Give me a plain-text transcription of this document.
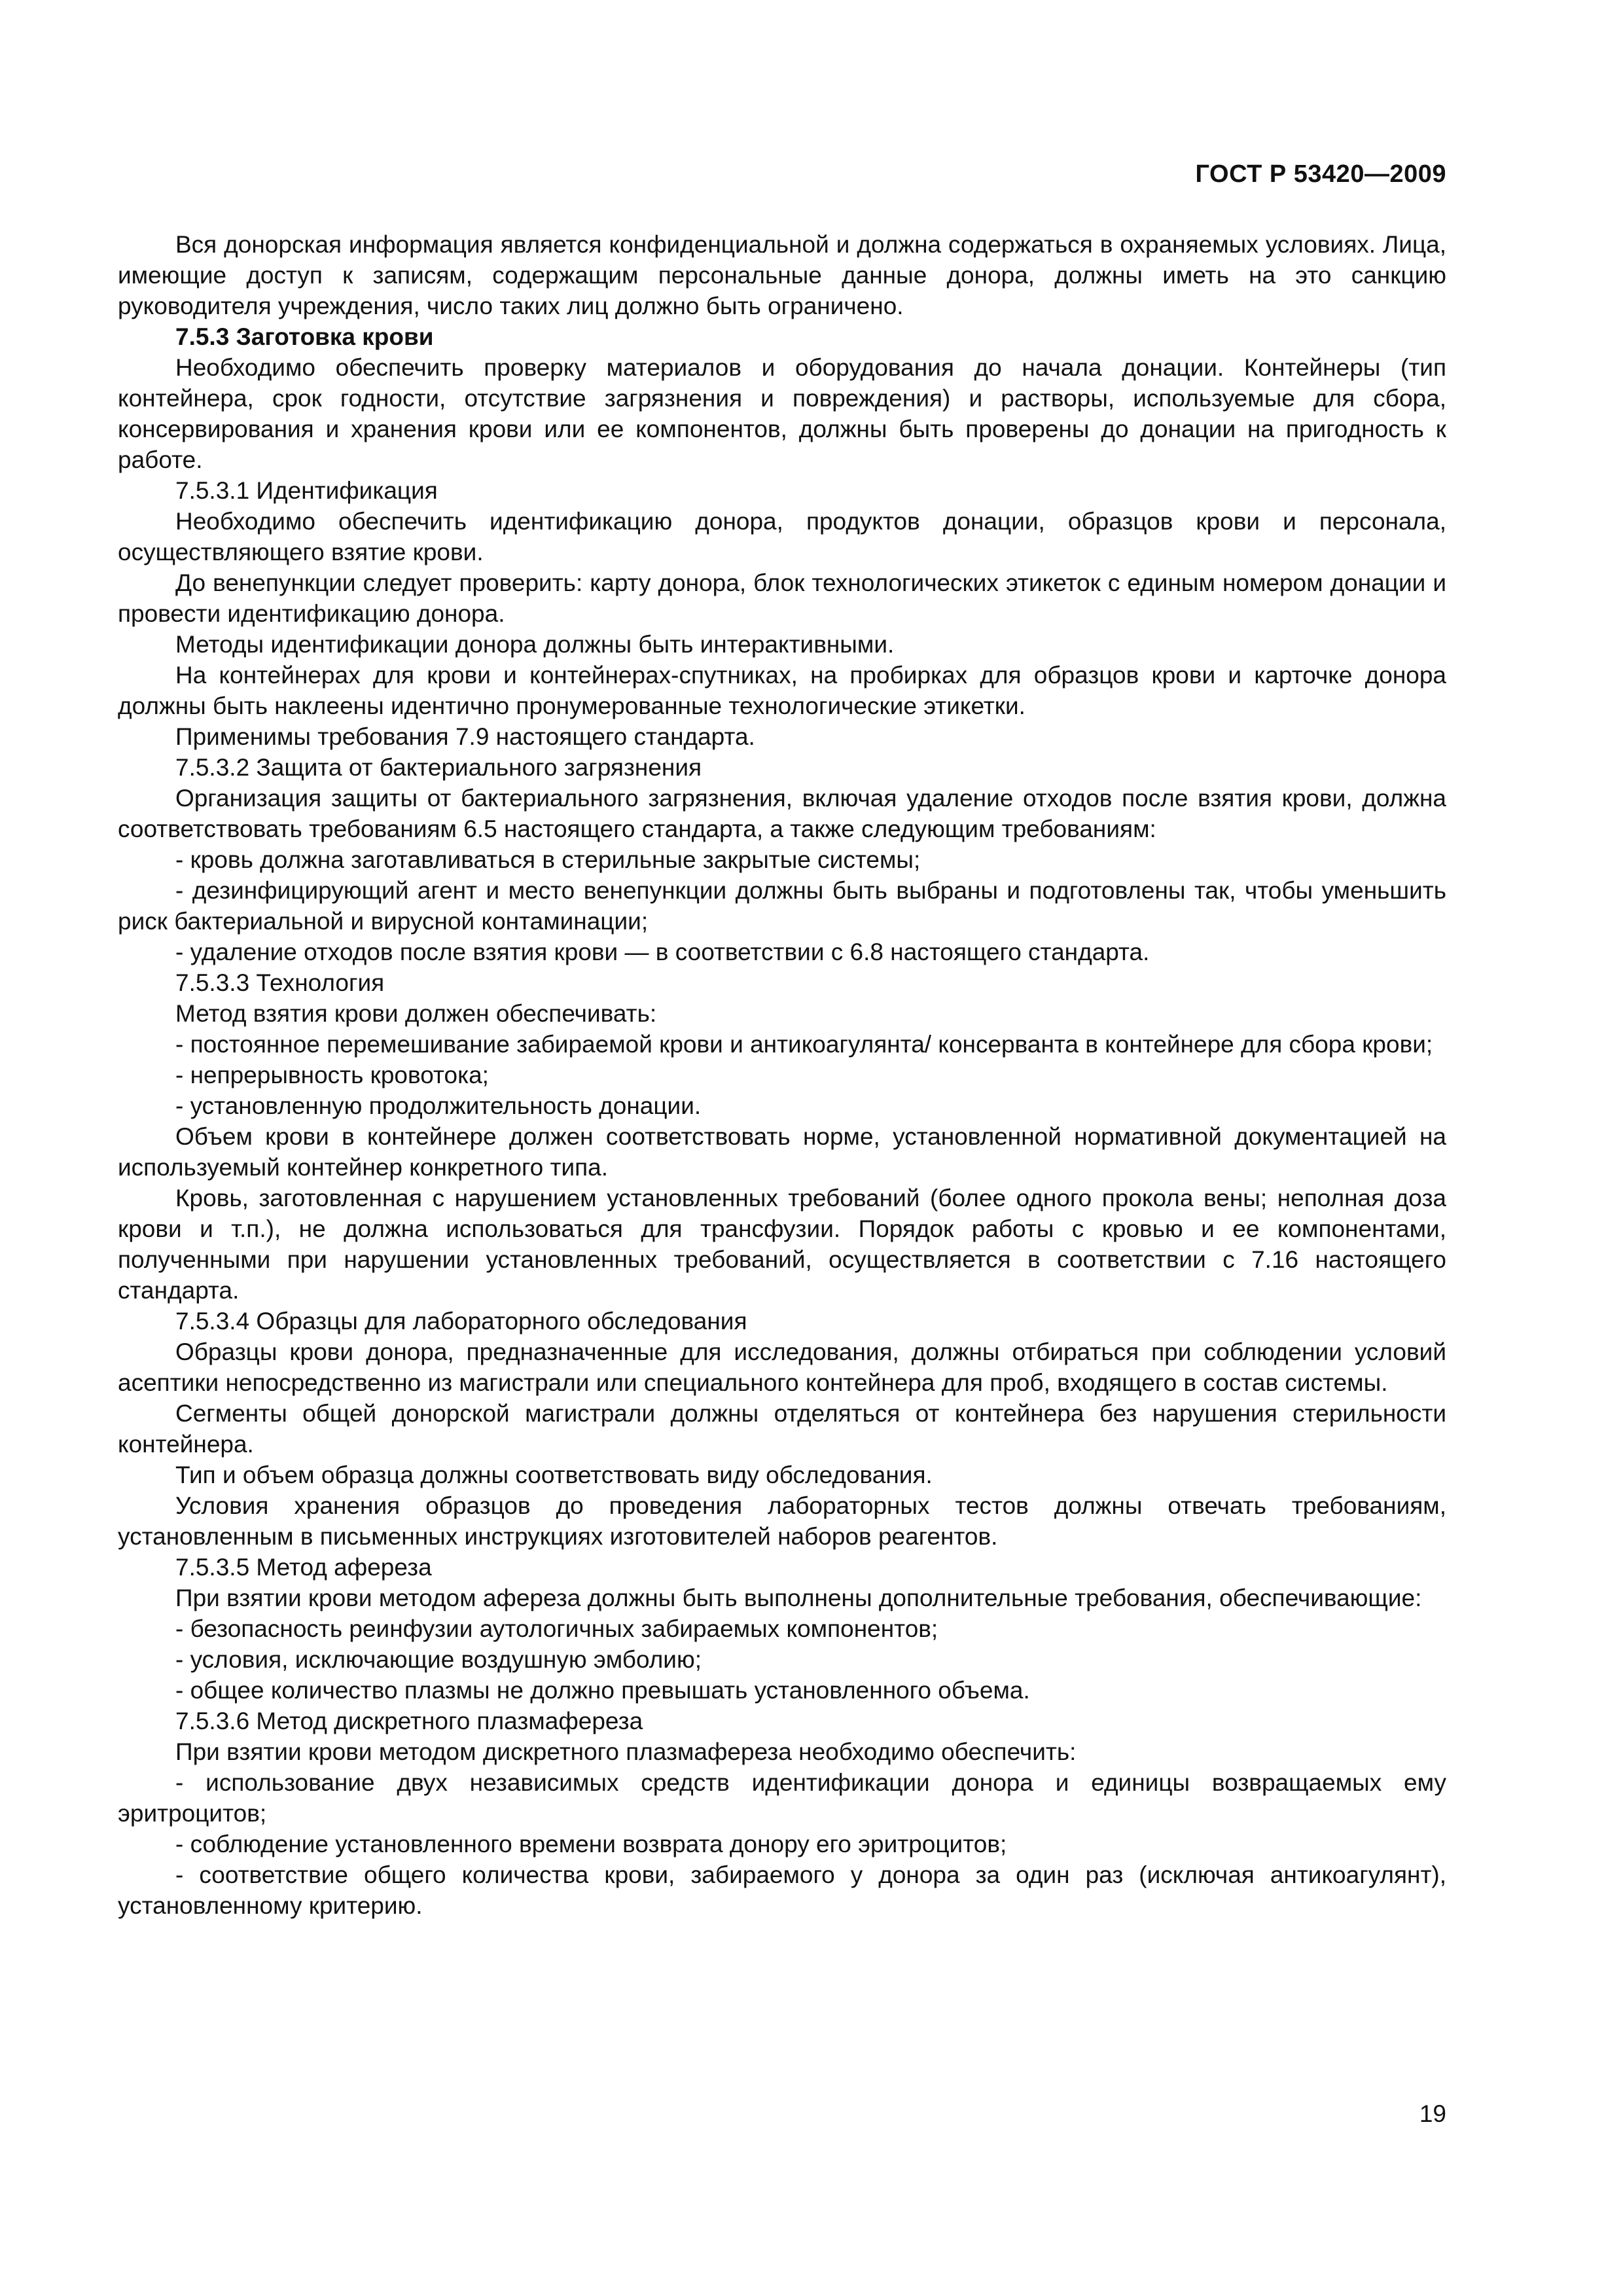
ГОСТ Р 53420—2009

Вся донорская информация является конфиденциальной и должна содержаться в охраняемых условиях. Лица, имеющие доступ к записям, содержащим персональные данные донора, должны иметь на это санкцию руководителя учреждения, число таких лиц должно быть ограничено.

7.5.3 Заготовка крови

Необходимо обеспечить проверку материалов и оборудования до начала донации. Контейнеры (тип контейнера, срок годности, отсутствие загрязнения и повреждения) и растворы, используемые для сбора, консервирования и хранения крови или ее компонентов, должны быть проверены до донации на пригодность к работе.

7.5.3.1 Идентификация

Необходимо обеспечить идентификацию донора, продуктов донации, образцов крови и персонала, осуществляющего взятие крови.

До венепункции следует проверить: карту донора, блок технологических этикеток с единым номером донации и провести идентификацию донора.

Методы идентификации донора должны быть интерактивными.

На контейнерах для крови и контейнерах-спутниках, на пробирках для образцов крови и карточке донора должны быть наклеены идентично пронумерованные технологические этикетки.

Применимы требования 7.9 настоящего стандарта.

7.5.3.2 Защита от бактериального загрязнения

Организация защиты от бактериального загрязнения, включая удаление отходов после взятия крови, должна соответствовать требованиям 6.5 настоящего стандарта, а также следующим требованиям:

- кровь должна заготавливаться в стерильные закрытые системы;

- дезинфицирующий агент и место венепункции должны быть выбраны и подготовлены так, чтобы уменьшить риск бактериальной и вирусной контаминации;

- удаление отходов после взятия крови — в соответствии с 6.8 настоящего стандарта.

7.5.3.3 Технология

Метод взятия крови должен обеспечивать:

- постоянное перемешивание забираемой крови и антикоагулянта/ консерванта в контейнере для сбора крови;

- непрерывность кровотока;

- установленную продолжительность донации.

Объем крови в контейнере должен соответствовать норме, установленной нормативной документацией на используемый контейнер конкретного типа.

Кровь, заготовленная с нарушением установленных требований (более одного прокола вены; неполная доза крови и т.п.), не должна использоваться для трансфузии. Порядок работы с кровью и ее компонентами, полученными при нарушении установленных требований, осуществляется в соответствии с 7.16 настоящего стандарта.

7.5.3.4 Образцы для лабораторного обследования

Образцы крови донора, предназначенные для исследования, должны отбираться при соблюдении условий асептики непосредственно из магистрали или специального контейнера для проб, входящего в состав системы.

Сегменты общей донорской магистрали должны отделяться от контейнера без нарушения стерильности контейнера.

Тип и объем образца должны соответствовать виду обследования.

Условия хранения образцов до проведения лабораторных тестов должны отвечать требованиям, установленным в письменных инструкциях изготовителей наборов реагентов.

7.5.3.5 Метод афереза

При взятии крови методом афереза должны быть выполнены дополнительные требования, обеспечивающие:

- безопасность реинфузии аутологичных забираемых компонентов;

- условия, исключающие воздушную эмболию;

- общее количество плазмы не должно превышать установленного объема.

7.5.3.6 Метод дискретного плазмафереза

При взятии крови методом дискретного плазмафереза необходимо обеспечить:

- использование двух независимых средств идентификации донора и единицы возвращаемых ему эритроцитов;

- соблюдение установленного времени возврата донору его эритроцитов;

- соответствие общего количества крови, забираемого у донора за один раз (исключая антикоагулянт), установленному критерию.

19
